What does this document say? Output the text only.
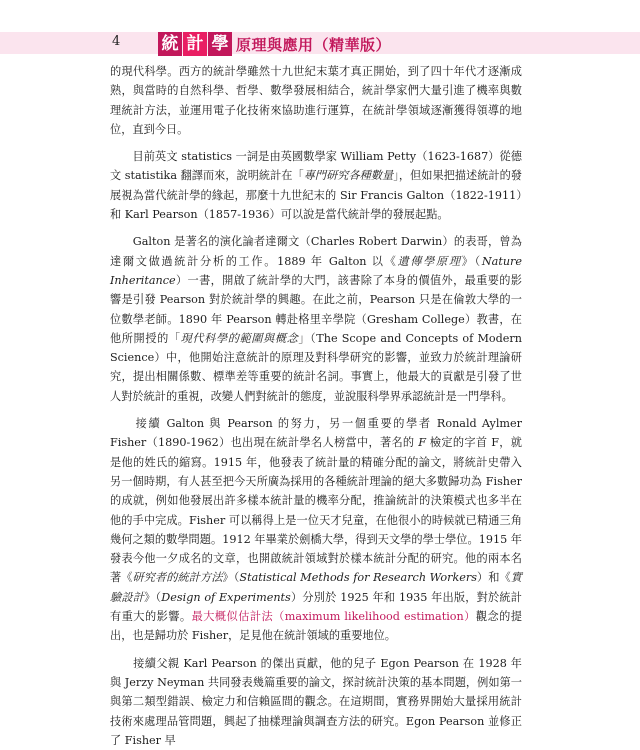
4 統 計 學 原理與應用（精華版）

的現代科學。西方的統計學雖然十九世紀末葉才真正開始，到了四十年代才逐漸成熟，與當時的自然科學、哲學、數學發展相結合，統計學家們大量引進了機率與數理統計方法，並運用電子化技術來協助進行運算，在統計學領域逐漸獲得領導的地位，直到今日。

　　目前英文 statistics 一詞是由英國數學家 William Petty（1623-1687）從德文 statistika 翻譯而來，說明統計在「專門研究各種數量」，但如果把描述統計的發展視為當代統計學的緣起，那麼十九世紀末的 Sir Francis Galton（1822-1911）和 Karl Pearson（1857-1936）可以說是當代統計學的發展起點。

　　Galton 是著名的演化論者達爾文（Charles Robert Darwin）的表哥，曾為達爾文做過統計分析的工作。1889 年 Galton 以《遺傳學原理》（Nature Inheritance）一書，開啟了統計學的大門，該書除了本身的價值外，最重要的影響是引發 Pearson 對於統計學的興趣。在此之前，Pearson 只是在倫敦大學的一位數學老師。1890 年 Pearson 轉赴格里辛學院（Gresham College）教書，在他所開授的「現代科學的範圍與概念」（The Scope and Concepts of Modern Science）中，他開始注意統計的原理及對科學研究的影響，並致力於統計理論研究，提出相關係數、標準差等重要的統計名詞。事實上，他最大的貢獻是引發了世人對於統計的重視，改變人們對統計的態度，並說服科學界承認統計是一門學科。

　　接續 Galton 與 Pearson 的努力，另一個重要的學者 Ronald Aylmer Fisher（1890-1962）也出現在統計學名人榜當中，著名的 F 檢定的字首 F，就是他的姓氏的縮寫。1915 年，他發表了統計量的精確分配的論文，將統計史帶入另一個時期，有人甚至把今天所廣為採用的各種統計理論的絕大多數歸功為 Fisher 的成就，例如他發展出許多樣本統計量的機率分配，推論統計的決策模式也多半在他的手中完成。Fisher 可以稱得上是一位天才兒童，在他很小的時候就已精通三角幾何之類的數學問題。1912 年畢業於劍橋大學，得到天文學的學士學位。1915 年發表今他一夕成名的文章，也開啟統計領域對於樣本統計分配的研究。他的兩本名著《研究者的統計方法》（Statistical Methods for Research Workers）和《實驗設計》（Design of Experiments）分別於 1925 年和 1935 年出版，對於統計有重大的影響。最大概似估計法（maximum likelihood estimation）觀念的提出，也是歸功於 Fisher，足見他在統計領域的重要地位。

　　接續父親 Karl Pearson 的傑出貢獻，他的兒子 Egon Pearson 在 1928 年與 Jerzy Neyman 共同發表幾篇重要的論文，探討統計決策的基本問題，例如第一與第二類型錯誤、檢定力和信賴區間的觀念。在這期間，實務界開始大量採用統計技術來處理品管問題，興起了抽樣理論與調查方法的研究。Egon Pearson 並修正了 Fisher 早
